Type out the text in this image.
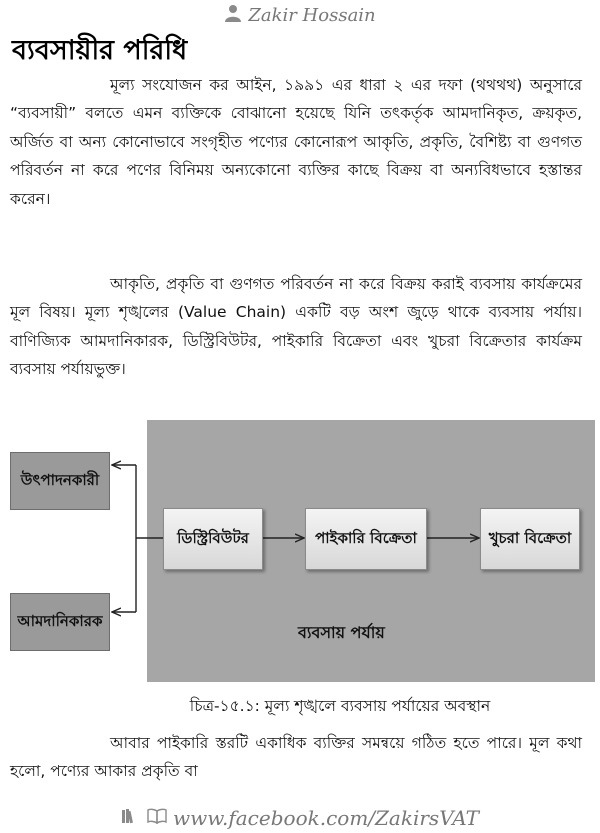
Zakir Hossain
ব্যবসায়ীর পরিধি

মূল্য সংযোজন কর আইন, ১৯৯১ এর ধারা ২ এর দফা (থথথথ) অনুসারে “ব্যবসায়ী” বলতে এমন ব্যক্তিকে বোঝানো হয়েছে যিনি তৎকর্তৃক আমদানিকৃত, ক্রয়কৃত, অর্জিত বা অন্য কোনোভাবে সংগৃহীত পণ্যের কোনোরূপ আকৃতি, প্রকৃতি, বৈশিষ্ট্য বা গুণগত পরিবর্তন না করে পণের বিনিময় অন্যকোনো ব্যক্তির কাছে বিক্রয় বা অন্যবিধভাবে হস্তান্তর করেন।

আকৃতি, প্রকৃতি বা গুণগত পরিবর্তন না করে বিক্রয় করাই ব্যবসায় কার্যক্রমের মূল বিষয়। মূল্য শৃঙ্খলের (Value Chain) একটি বড় অংশ জুড়ে থাকে ব্যবসায় পর্যায়। বাণিজ্যিক আমদানিকারক, ডিস্ট্রিবিউটর, পাইকারি বিক্রেতা এবং খুচরা বিক্রেতার কার্যক্রম ব্যবসায় পর্যায়ভুক্ত।

উৎপাদনকারী
আমদানিকারক
ডিস্ট্রিবিউটর	পাইকারি বিক্রেতা	খুচরা বিক্রেতা
ব্যবসায় পর্যায়

চিত্র-১৫.১: মূল্য শৃঙ্খলে ব্যবসায় পর্যায়ের অবস্থান

আবার পাইকারি স্তরটি একাধিক ব্যক্তির সমন্বয়ে গঠিত হতে পারে। মূল কথা হলো, পণ্যের আকার প্রকৃতি বা

www.facebook.com/ZakirsVAT
